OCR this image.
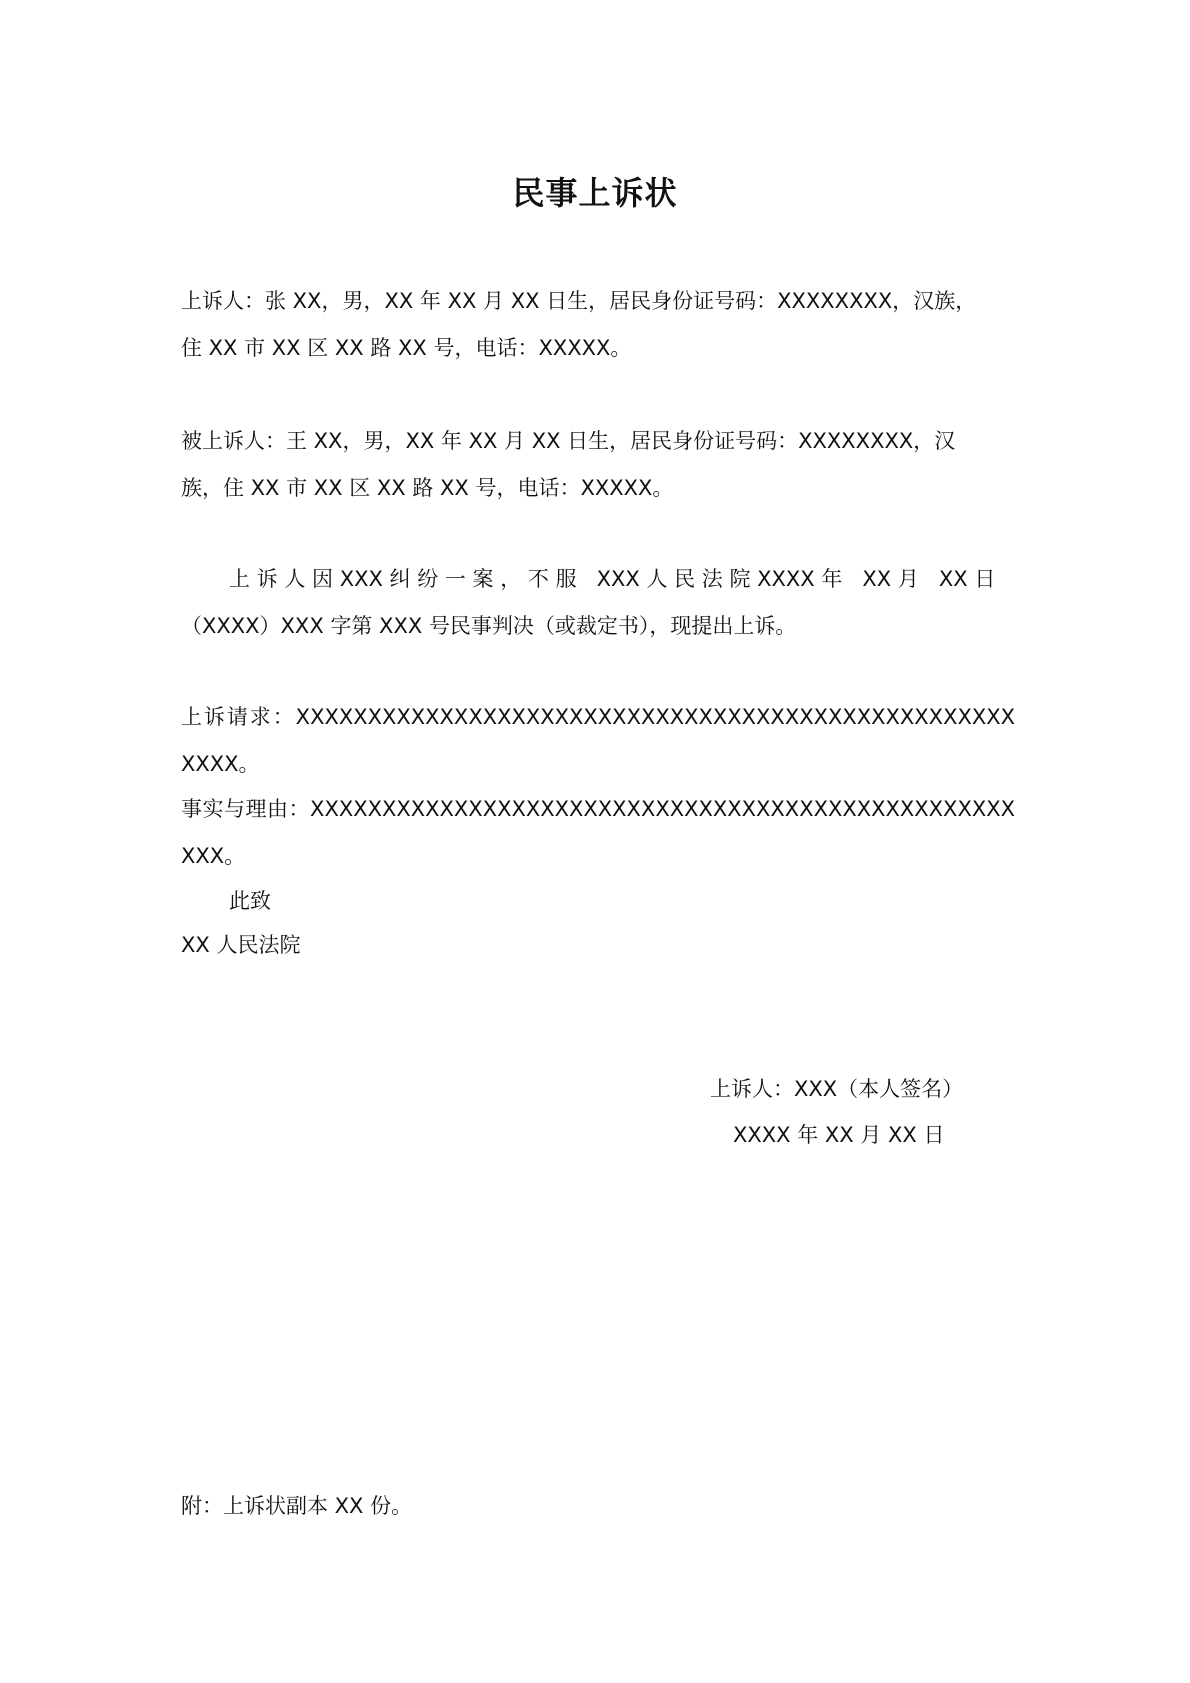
民事上诉状
上诉人：张 XX，男，XX 年 XX 月 XX 日生，居民身份证号码：XXXXXXXX，汉族，
住 XX 市 XX 区 XX 路 XX 号，电话：XXXXX。
被上诉人：王 XX，男，XX 年 XX 月 XX 日生，居民身份证号码：XXXXXXXX，汉
族，住 XX 市 XX 区 XX 路 XX 号，电话：XXXXX。
上 诉 人 因 XXX 纠 纷 一 案 ， 不 服   XXX 人 民 法 院 XXXX 年   XX 月   XX 日
（XXXX）XXX 字第 XXX 号民事判决（或裁定书），现提出上诉。
上诉请求：XXXXXXXXXXXXXXXXXXXXXXXXXXXXXXXXXXXXXXXXXXXXXXXXXXXXXX。
事实与理由：XXXXXXXXXXXXXXXXXXXXXXXXXXXXXXXXXXXXXXXXXXXXXXXXXXXX。
此致
XX 人民法院
上诉人：XXX（本人签名）
XXXX 年 XX 月 XX 日
附：上诉状副本 XX 份。
